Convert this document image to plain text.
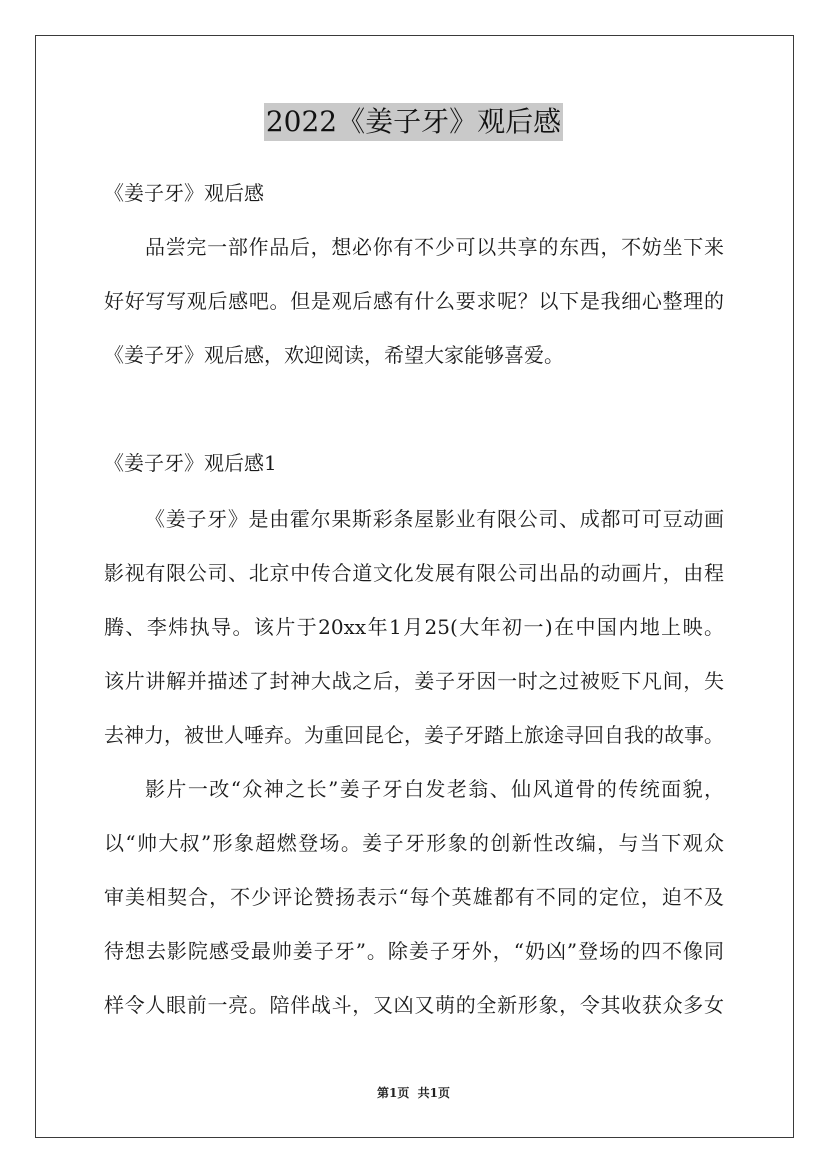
2022《姜子牙》观后感
《姜子牙》观后感
品尝完一部作品后，想必你有不少可以共享的东西，不妨坐下来
好好写写观后感吧。但是观后感有什么要求呢？以下是我细心整理的
《姜子牙》观后感，欢迎阅读，希望大家能够喜爱。
《姜子牙》观后感1
《姜子牙》是由霍尔果斯彩条屋影业有限公司、成都可可豆动画
影视有限公司、北京中传合道文化发展有限公司出品的动画片，由程
腾、李炜执导。该片于20xx年1月25(大年初一)在中国内地上映。
该片讲解并描述了封神大战之后，姜子牙因一时之过被贬下凡间，失
去神力，被世人唾弃。为重回昆仑，姜子牙踏上旅途寻回自我的故事。
影片一改“众神之长”姜子牙白发老翁、仙风道骨的传统面貌，
以“帅大叔”形象超燃登场。姜子牙形象的创新性改编，与当下观众
审美相契合，不少评论赞扬表示“每个英雄都有不同的定位，迫不及
待想去影院感受最帅姜子牙”。除姜子牙外，“奶凶”登场的四不像同
样令人眼前一亮。陪伴战斗，又凶又萌的全新形象，令其收获众多女
第1页  共1页
